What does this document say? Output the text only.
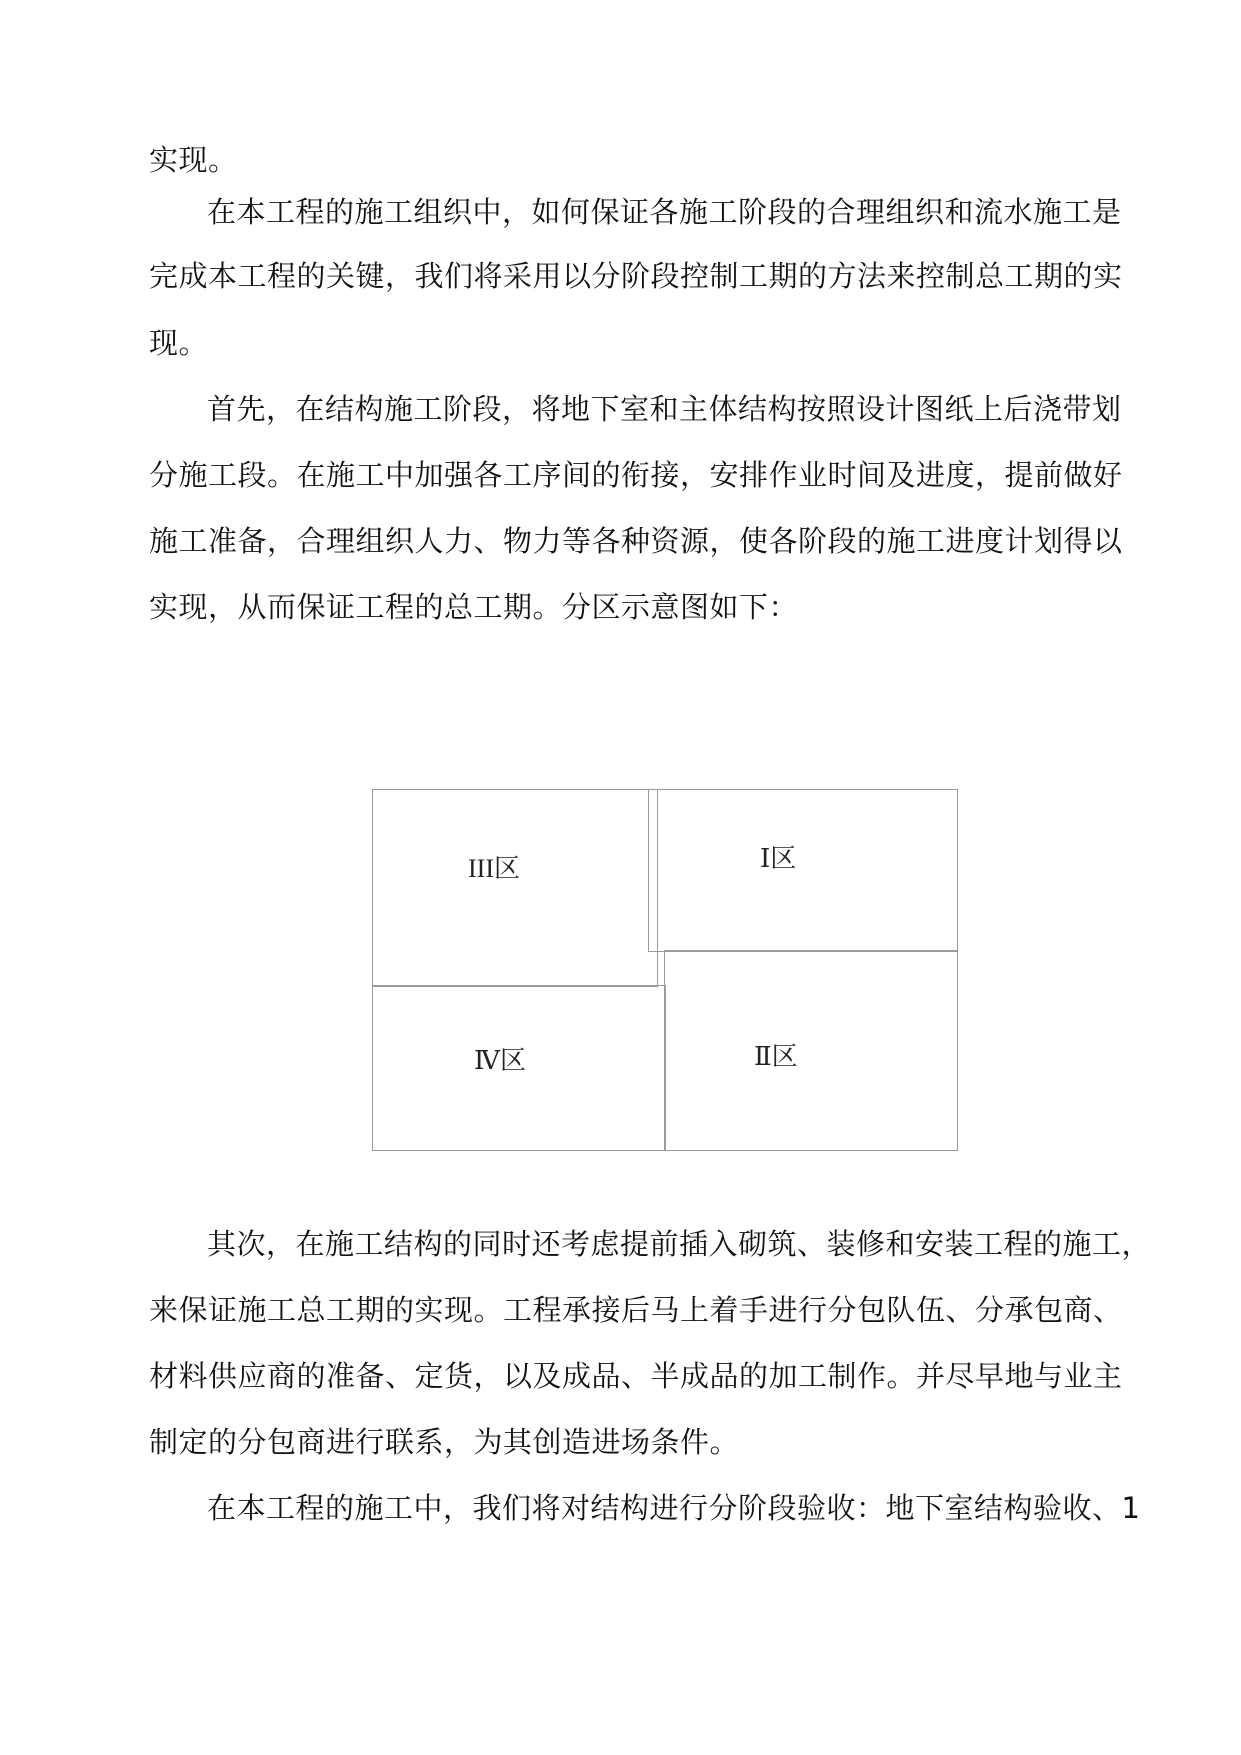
实现。
在本工程的施工组织中，如何保证各施工阶段的合理组织和流水施工是
完成本工程的关键，我们将采用以分阶段控制工期的方法来控制总工期的实
现。
首先，在结构施工阶段，将地下室和主体结构按照设计图纸上后浇带划
分施工段。在施工中加强各工序间的衔接，安排作业时间及进度，提前做好
施工准备，合理组织人力、物力等各种资源，使各阶段的施工进度计划得以
实现，从而保证工程的总工期。分区示意图如下：
III区	Ⅰ区
Ⅳ区	Ⅱ区
其次，在施工结构的同时还考虑提前插入砌筑、装修和安装工程的施工，
来保证施工总工期的实现。工程承接后马上着手进行分包队伍、分承包商、
材料供应商的准备、定货，以及成品、半成品的加工制作。并尽早地与业主
制定的分包商进行联系，为其创造进场条件。
在本工程的施工中，我们将对结构进行分阶段验收：地下室结构验收、1
